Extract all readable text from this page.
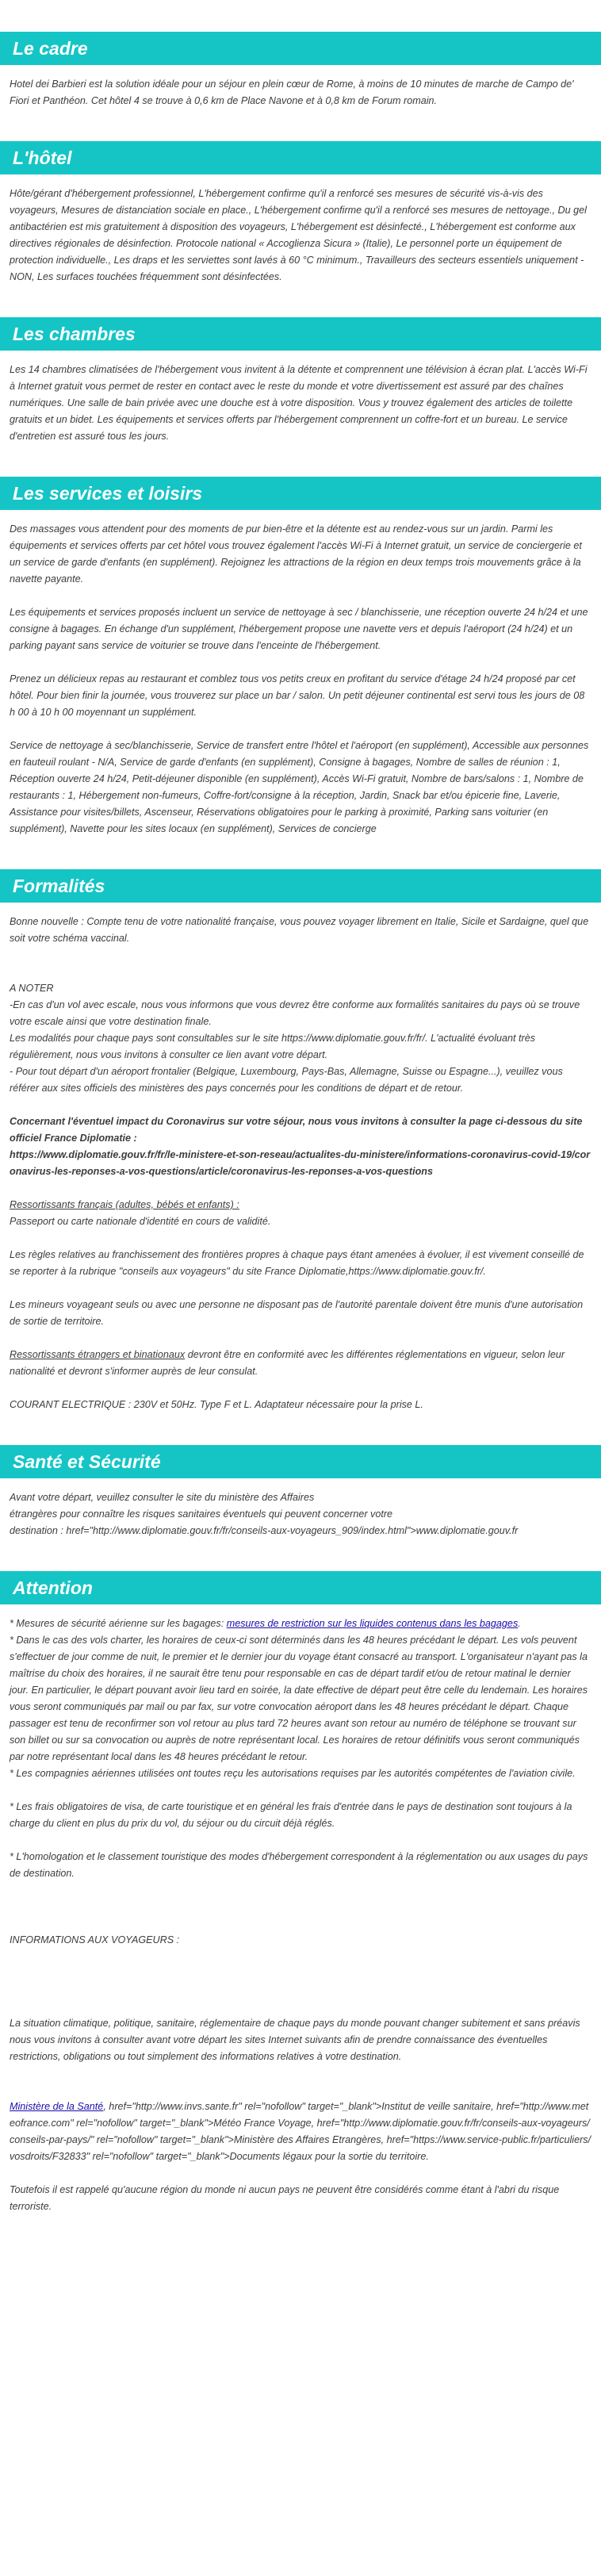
Le cadre

Hotel dei Barbieri est la solution idéale pour un séjour en plein cœur de Rome, à moins de 10 minutes de marche de Campo de' Fiori et Panthéon. Cet hôtel 4 se trouve à 0,6 km de Place Navone et à 0,8 km de Forum romain.

L'hôtel

Hôte/gérant d'hébergement professionnel, L'hébergement confirme qu'il a renforcé ses mesures de sécurité vis-à-vis des voyageurs, Mesures de distanciation sociale en place., L'hébergement confirme qu'il a renforcé ses mesures de nettoyage., Du gel antibactérien est mis gratuitement à disposition des voyageurs, L'hébergement est désinfecté., L'hébergement est conforme aux directives régionales de désinfection. Protocole national « Accoglienza Sicura » (Italie), Le personnel porte un équipement de protection individuelle., Les draps et les serviettes sont lavés à 60 °C minimum., Travailleurs des secteurs essentiels uniquement - NON, Les surfaces touchées fréquemment sont désinfectées.

Les chambres

Les 14 chambres climatisées de l'hébergement vous invitent à la détente et comprennent une télévision à écran plat. L'accès Wi-Fi à Internet gratuit vous permet de rester en contact avec le reste du monde et votre divertissement est assuré par des chaînes numériques. Une salle de bain privée avec une douche est à votre disposition. Vous y trouvez également des articles de toilette gratuits et un bidet. Les équipements et services offerts par l'hébergement comprennent un coffre-fort et un bureau. Le service d'entretien est assuré tous les jours.

Les services et loisirs

Des massages vous attendent pour des moments de pur bien-être et la détente est au rendez-vous sur un jardin. Parmi les équipements et services offerts par cet hôtel vous trouvez également l'accès Wi-Fi à Internet gratuit, un service de conciergerie et un service de garde d'enfants (en supplément). Rejoignez les attractions de la région en deux temps trois mouvements grâce à la navette payante.

Les équipements et services proposés incluent un service de nettoyage à sec / blanchisserie, une réception ouverte 24 h/24 et une consigne à bagages. En échange d'un supplément, l'hébergement propose une navette vers et depuis l'aéroport (24 h/24) et un parking payant sans service de voiturier se trouve dans l'enceinte de l'hébergement.

Prenez un délicieux repas au restaurant et comblez tous vos petits creux en profitant du service d'étage 24 h/24 proposé par cet hôtel. Pour bien finir la journée, vous trouverez sur place un bar / salon. Un petit déjeuner continental est servi tous les jours de 08 h 00 à 10 h 00 moyennant un supplément.

Service de nettoyage à sec/blanchisserie, Service de transfert entre l'hôtel et l'aéroport (en supplément), Accessible aux personnes en fauteuil roulant - N/A, Service de garde d'enfants (en supplément), Consigne à bagages, Nombre de salles de réunion : 1, Réception ouverte 24 h/24, Petit-déjeuner disponible (en supplément), Accès Wi-Fi gratuit, Nombre de bars/salons : 1, Nombre de restaurants : 1, Hébergement non-fumeurs, Coffre-fort/consigne à la réception, Jardin, Snack bar et/ou épicerie fine, Laverie, Assistance pour visites/billets, Ascenseur, Réservations obligatoires pour le parking à proximité, Parking sans voiturier (en supplément), Navette pour les sites locaux (en supplément), Services de concierge

Formalités

Bonne nouvelle : Compte tenu de votre nationalité française, vous pouvez voyager librement en Italie, Sicile et Sardaigne, quel que soit votre schéma vaccinal.

A NOTER
-En cas d'un vol avec escale, nous vous informons que vous devrez être conforme aux formalités sanitaires du pays où se trouve votre escale ainsi que votre destination finale.
Les modalités pour chaque pays sont consultables sur le site https://www.diplomatie.gouv.fr/fr/. L'actualité évoluant très régulièrement, nous vous invitons à consulter ce lien avant votre départ.
- Pour tout départ d'un aéroport frontalier (Belgique, Luxembourg, Pays-Bas, Allemagne, Suisse ou Espagne...), veuillez vous référer aux sites officiels des ministères des pays concernés pour les conditions de départ et de retour.
Concernant l'éventuel impact du Coronavirus sur votre séjour, nous vous invitons à consulter la page ci-dessous du site officiel France Diplomatie :

https://www.diplomatie.gouv.fr/fr/le-ministere-et-son-reseau/actualites-du-ministere/informations-coronavirus-covid-19/coronavirus-les-reponses-a-vos-questions/article/coronavirus-les-reponses-a-vos-questions

Ressortissants français (adultes, bébés et enfants) :

Passeport ou carte nationale d'identité en cours de validité.

Les règles relatives au franchissement des frontières propres à chaque pays étant amenées à évoluer, il est vivement conseillé de se reporter à la rubrique "conseils aux voyageurs" du site France Diplomatie,https://www.diplomatie.gouv.fr/.

Les mineurs voyageant seuls ou avec une personne ne disposant pas de l'autorité parentale doivent être munis d'une autorisation de sortie de territoire.

Ressortissants étrangers et binationaux devront être en conformité avec les différentes réglementations en vigueur, selon leur nationalité et devront s'informer auprès de leur consulat.

COURANT ELECTRIQUE : 230V et 50Hz. Type F et L. Adaptateur nécessaire pour la prise L.

Santé et Sécurité
Avant votre départ, veuillez consulter le site du ministère des Affaires
étrangères pour connaître les risques sanitaires éventuels qui peuvent concerner votre
destination : href="http://www.diplomatie.gouv.fr/fr/conseils-aux-voyageurs_909/index.html">www.diplomatie.gouv.fr
Attention
* Mesures de sécurité aérienne sur les bagages: mesures de restriction sur les liquides contenus dans les bagages.
* Dans le cas des vols charter, les horaires de ceux-ci sont déterminés dans les 48 heures précédant le départ. Les vols peuvent s'effectuer de jour comme de nuit, le premier et le dernier jour du voyage étant consacré au transport. L'organisateur n'ayant pas la maîtrise du choix des horaires, il ne saurait être tenu pour responsable en cas de départ tardif et/ou de retour matinal le dernier jour. En particulier, le départ pouvant avoir lieu tard en soirée, la date effective de départ peut être celle du lendemain. Les horaires vous seront communiqués par mail ou par fax, sur votre convocation aéroport dans les 48 heures précédant le départ. Chaque passager est tenu de reconfirmer son vol retour au plus tard 72 heures avant son retour au numéro de téléphone se trouvant sur son billet ou sur sa convocation ou auprès de notre représentant local. Les horaires de retour définitifs vous seront communiqués par notre représentant local dans les 48 heures précédant le retour.
* Les compagnies aériennes utilisées ont toutes reçu les autorisations requises par les autorités compétentes de l'aviation civile.
* Les frais obligatoires de visa, de carte touristique et en général les frais d'entrée dans le pays de destination sont toujours à la charge du client en plus du prix du vol, du séjour ou du circuit déjà réglés.
* L'homologation et le classement touristique des modes d'hébergement correspondent à la réglementation ou aux usages du pays de destination.
INFORMATIONS AUX VOYAGEURS :
La situation climatique, politique, sanitaire, réglementaire de chaque pays du monde pouvant changer subitement et sans préavis
nous vous invitons à consulter avant votre départ les sites Internet suivants afin de prendre connaissance des éventuelles restrictions, obligations ou tout simplement des informations relatives à votre destination.
Ministère de la Santé, href="http://www.invs.sante.fr" rel="nofollow" target="_blank">Institut de veille sanitaire, href="http://www.meteofrance.com" rel="nofollow" target="_blank">Météo France Voyage, href="http://www.diplomatie.gouv.fr/fr/conseils-aux-voyageurs/conseils-par-pays/" rel="nofollow" target="_blank">Ministère des Affaires Etrangères, href="https://www.service-public.fr/particuliers/vosdroits/F32833" rel="nofollow" target="_blank">Documents légaux pour la sortie du territoire.
Toutefois il est rappelé qu'aucune région du monde ni aucun pays ne peuvent être considérés comme étant à l'abri du risque terroriste.
